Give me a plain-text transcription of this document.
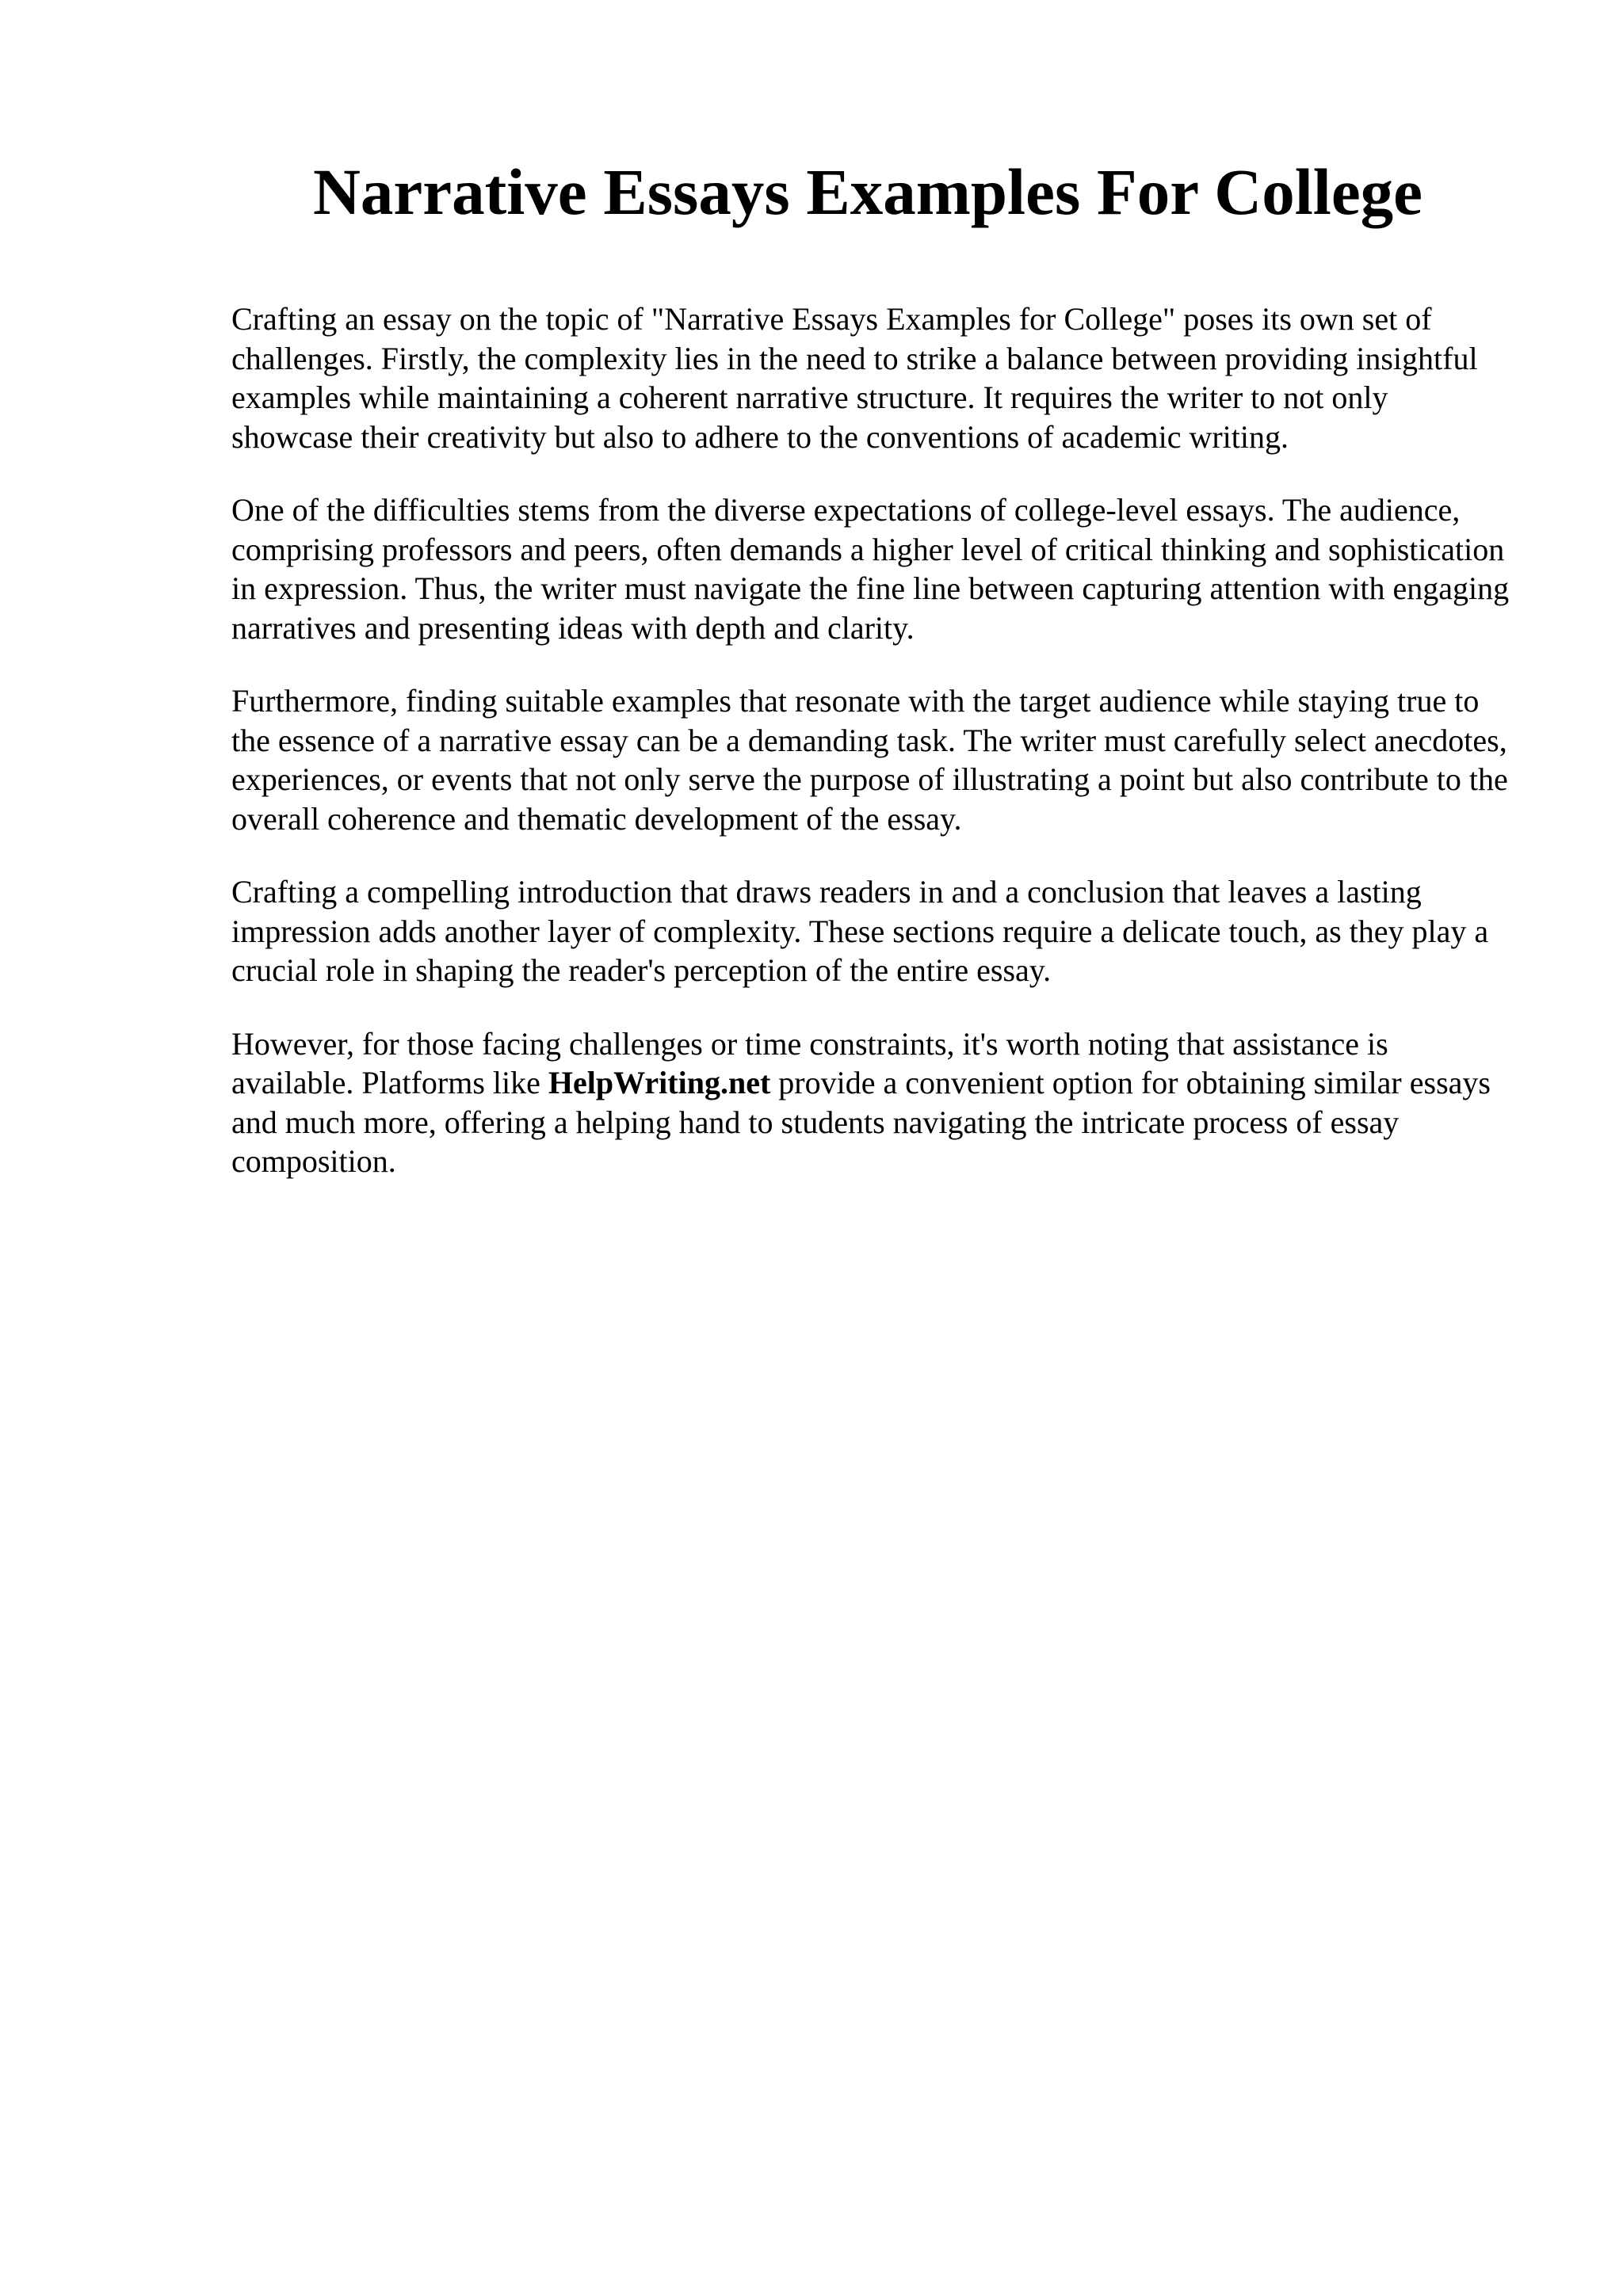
Narrative Essays Examples For College

Crafting an essay on the topic of "Narrative Essays Examples for College" poses its own set of challenges. Firstly, the complexity lies in the need to strike a balance between providing insightful examples while maintaining a coherent narrative structure. It requires the writer to not only showcase their creativity but also to adhere to the conventions of academic writing.

One of the difficulties stems from the diverse expectations of college-level essays. The audience, comprising professors and peers, often demands a higher level of critical thinking and sophistication in expression. Thus, the writer must navigate the fine line between capturing attention with engaging narratives and presenting ideas with depth and clarity.

Furthermore, finding suitable examples that resonate with the target audience while staying true to the essence of a narrative essay can be a demanding task. The writer must carefully select anecdotes, experiences, or events that not only serve the purpose of illustrating a point but also contribute to the overall coherence and thematic development of the essay.

Crafting a compelling introduction that draws readers in and a conclusion that leaves a lasting impression adds another layer of complexity. These sections require a delicate touch, as they play a crucial role in shaping the reader's perception of the entire essay.

However, for those facing challenges or time constraints, it's worth noting that assistance is available. Platforms like HelpWriting.net provide a convenient option for obtaining similar essays and much more, offering a helping hand to students navigating the intricate process of essay composition.
